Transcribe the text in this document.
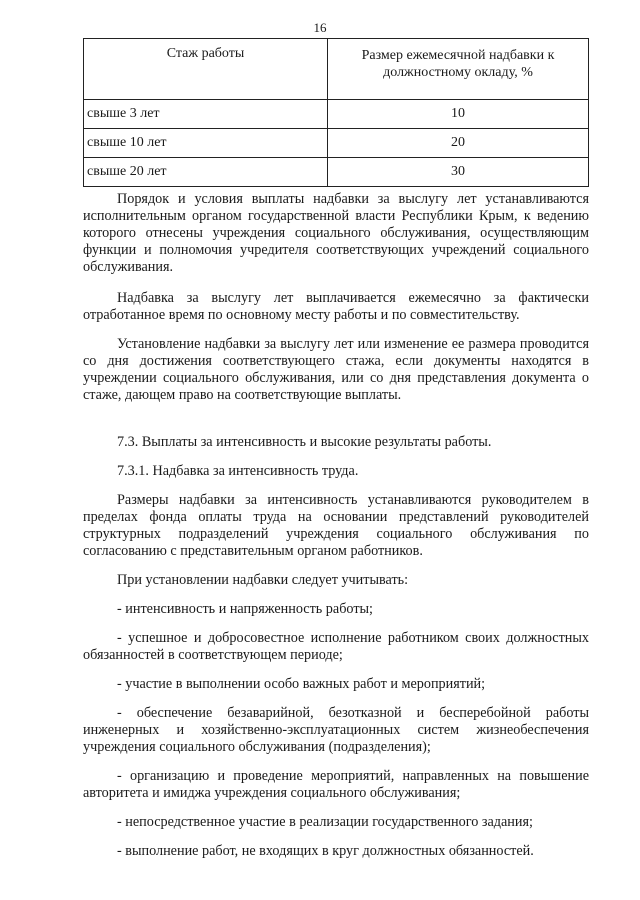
16
Стаж работы	Размер ежемесячной надбавки к должностному окладу, %
свыше 3 лет	10
свыше 10 лет	20
свыше 20 лет	30

Порядок и условия выплаты надбавки за выслугу лет устанавливаются исполнительным органом государственной власти Республики Крым, к ведению которого отнесены учреждения социального обслуживания, осуществляющим функции и полномочия учредителя соответствующих учреждений социального обслуживания.

Надбавка за выслугу лет выплачивается ежемесячно за фактически отработанное время по основному месту работы и по совместительству.

Установление надбавки за выслугу лет или изменение ее размера проводится со дня достижения соответствующего стажа, если документы находятся в учреждении социального обслуживания, или со дня представления документа о стаже, дающем право на соответствующие выплаты.

7.3. Выплаты за интенсивность и высокие результаты работы.

7.3.1. Надбавка за интенсивность труда.

Размеры надбавки за интенсивность устанавливаются руководителем в пределах фонда оплаты труда на основании представлений руководителей структурных подразделений учреждения социального обслуживания по согласованию с представительным органом работников.

При установлении надбавки следует учитывать:

- интенсивность и напряженность работы;

- успешное и добросовестное исполнение работником своих должностных обязанностей в соответствующем периоде;

- участие в выполнении особо важных работ и мероприятий;

- обеспечение безаварийной, безотказной и бесперебойной работы инженерных и хозяйственно-эксплуатационных систем жизнеобеспечения учреждения социального обслуживания (подразделения);

- организацию и проведение мероприятий, направленных на повышение авторитета и имиджа учреждения социального обслуживания;

- непосредственное участие в реализации государственного задания;

- выполнение работ, не входящих в круг должностных обязанностей.
